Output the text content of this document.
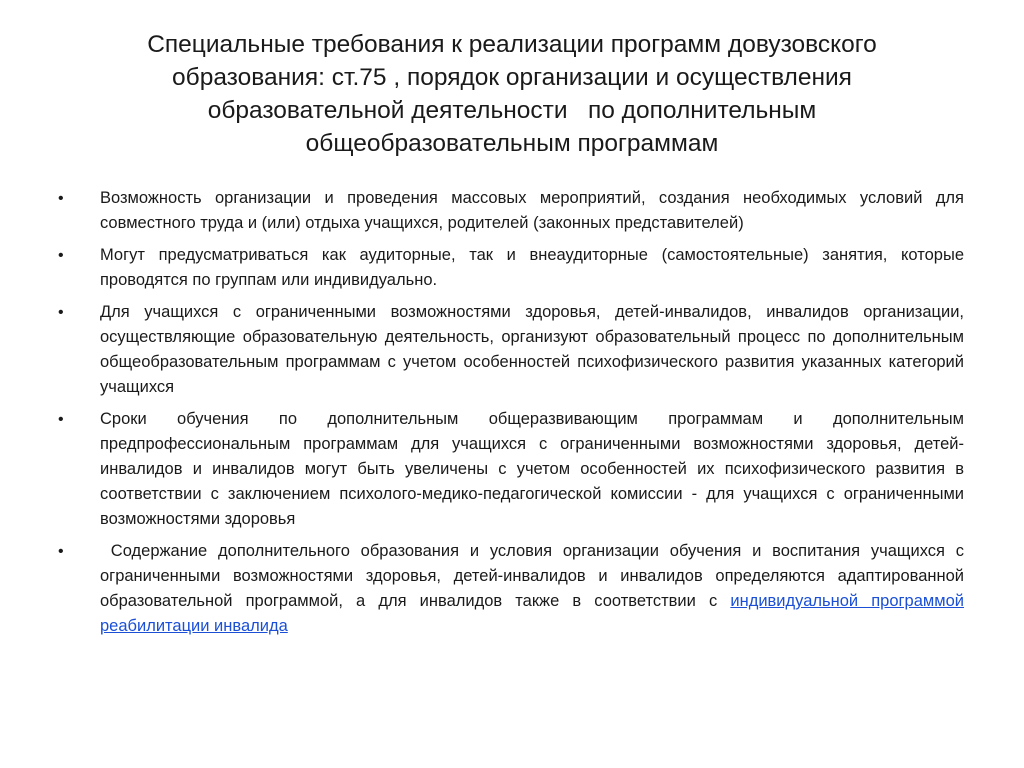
Специальные требования к реализации программ довузовского
образования: ст.75 , порядок организации и осуществления
образовательной деятельности   по дополнительным
общеобразовательным программам
•	Возможность организации и проведения массовых мероприятий, создания необходимых условий для совместного труда и (или) отдыха учащихся, родителей (законных представителей)
•	Могут предусматриваться как аудиторные, так и внеаудиторные (самостоятельные) занятия, которые проводятся по группам или индивидуально.
•	Для учащихся с ограниченными возможностями здоровья, детей-инвалидов, инвалидов организации, осуществляющие образовательную деятельность, организуют образовательный процесс по дополнительным общеобразовательным программам с учетом особенностей психофизического развития указанных категорий учащихся
•	Сроки обучения по дополнительным общеразвивающим программам и дополнительным предпрофессиональным программам для учащихся с ограниченными возможностями здоровья, детей-инвалидов и инвалидов могут быть увеличены с учетом особенностей их психофизического развития в соответствии с заключением психолого-медико-педагогической комиссии - для учащихся с ограниченными возможностями здоровья
•	Содержание дополнительного образования и условия организации обучения и воспитания учащихся с ограниченными возможностями здоровья, детей-инвалидов и инвалидов определяются адаптированной образовательной программой, а для инвалидов также в соответствии с индивидуальной программой реабилитации инвалида
